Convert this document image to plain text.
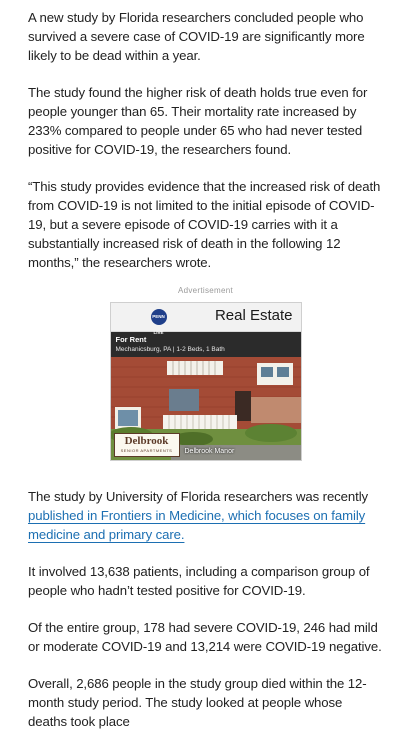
A new study by Florida researchers concluded people who survived a severe case of COVID-19 are significantly more likely to be dead within a year.

The study found the higher risk of death holds true even for people younger than 65. Their mortality rate increased by 233% compared to people under 65 who had never tested positive for COVID-19, the researchers found.

“This study provides evidence that the increased risk of death from COVID-19 is not limited to the initial episode of COVID-19, but a severe episode of COVID-19 carries with it a substantially increased risk of death in the following 12 months,” the researchers wrote.

Advertisement
PENN LIVE
Real Estate
For Rent
Mechanicsburg, PA | 1-2 Beds, 1 Bath
Delbrook
SENIOR APARTMENTS	Delbrook Manor

The study by University of Florida researchers was recently published in Frontiers in Medicine, which focuses on family medicine and primary care.

It involved 13,638 patients, including a comparison group of people who hadn’t tested positive for COVID-19.

Of the entire group, 178 had severe COVID-19, 246 had mild or moderate COVID-19 and 13,214 were COVID-19 negative.

Overall, 2,686 people in the study group died within the 12-month study period. The study looked at people whose deaths took place
